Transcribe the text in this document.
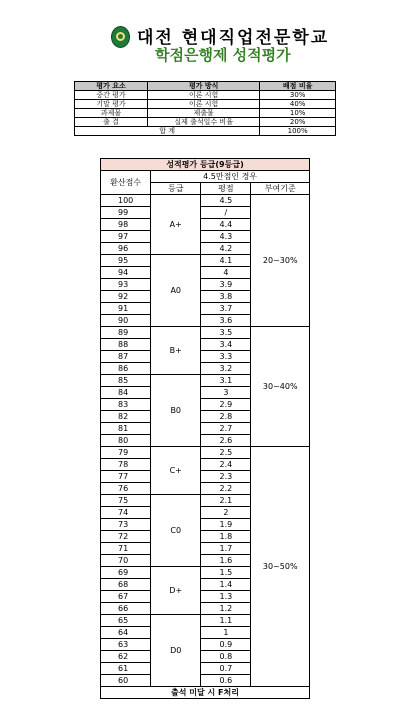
대전 현대직업전문학교
학점은행제 성적평가
평가 요소	평가 방식	배점 비율
중간 평가	이론 시험	30%
기말 평가	이론 시험	40%
과제물	제출물	10%
출 결	실제 출석일수 비율	20%
합 계		100%
성적평가 등급(9등급)			
환산점수	4.5만점인 경우		
	등급	평점	부여기준
100	A+	4.5	20~30%
99		/	
98		4.4	
97		4.3	
96		4.2	
95	A0	4.1	
94		4	
93		3.9	
92		3.8	
91		3.7	
90		3.6	
89	B+	3.5	30~40%
88		3.4	
87		3.3	
86		3.2	
85	B0	3.1	
84		3	
83		2.9	
82		2.8	
81		2.7	
80		2.6	
79	C+	2.5	30~50%
78		2.4	
77		2.3	
76		2.2	
75	C0	2.1	
74		2	
73		1.9	
72		1.8	
71		1.7	
70		1.6	
69	D+	1.5	
68		1.4	
67		1.3	
66		1.2	
65	D0	1.1	
64		1	
63		0.9	
62		0.8	
61		0.7	
60		0.6	
출석 미달 시 F처리			
